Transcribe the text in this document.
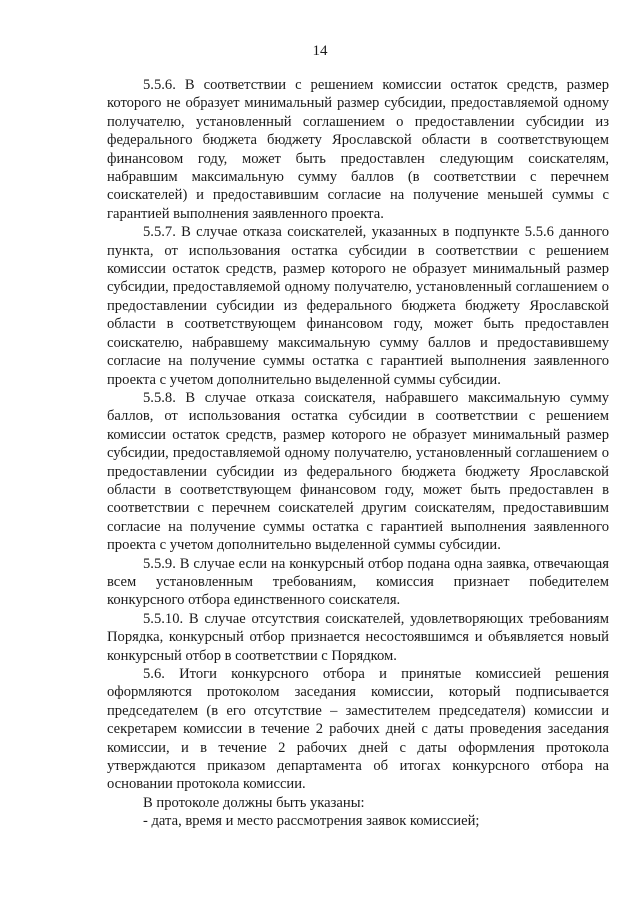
14

5.5.6. В соответствии с решением комиссии остаток средств, размер которого не образует минимальный размер субсидии, предоставляемой одному получателю, установленный соглашением о предоставлении субсидии из федерального бюджета бюджету Ярославской области в соответствующем финансовом году, может быть предоставлен следующим соискателям, набравшим максимальную сумму баллов (в соответствии с перечнем соискателей) и предоставившим согласие на получение меньшей суммы с гарантией выполнения заявленного проекта.

5.5.7. В случае отказа соискателей, указанных в подпункте 5.5.6 данного пункта, от использования остатка субсидии в соответствии с решением комиссии остаток средств, размер которого не образует минимальный размер субсидии, предоставляемой одному получателю, установленный соглашением о предоставлении субсидии из федерального бюджета бюджету Ярославской области в соответствующем финансовом году, может быть предоставлен соискателю, набравшему максимальную сумму баллов и предоставившему согласие на получение суммы остатка с гарантией выполнения заявленного проекта с учетом дополнительно выделенной суммы субсидии.

5.5.8. В случае отказа соискателя, набравшего максимальную сумму баллов, от использования остатка субсидии в соответствии с решением комиссии остаток средств, размер которого не образует минимальный размер субсидии, предоставляемой одному получателю, установленный соглашением о предоставлении субсидии из федерального бюджета бюджету Ярославской области в соответствующем финансовом году, может быть предоставлен в соответствии с перечнем соискателей другим соискателям, предоставившим согласие на получение суммы остатка с гарантией выполнения заявленного проекта с учетом дополнительно выделенной суммы субсидии.

5.5.9. В случае если на конкурсный отбор подана одна заявка, отвечающая всем установленным требованиям, комиссия признает победителем конкурсного отбора единственного соискателя.

5.5.10. В случае отсутствия соискателей, удовлетворяющих требованиям Порядка, конкурсный отбор признается несостоявшимся и объявляется новый конкурсный отбор в соответствии с Порядком.

5.6. Итоги конкурсного отбора и принятые комиссией решения оформляются протоколом заседания комиссии, который подписывается председателем (в его отсутствие – заместителем председателя) комиссии и секретарем комиссии в течение 2 рабочих дней с даты проведения заседания комиссии, и в течение 2 рабочих дней с даты оформления протокола утверждаются приказом департамента об итогах конкурсного отбора на основании протокола комиссии.

В протоколе должны быть указаны:

- дата, время и место рассмотрения заявок комиссией;
